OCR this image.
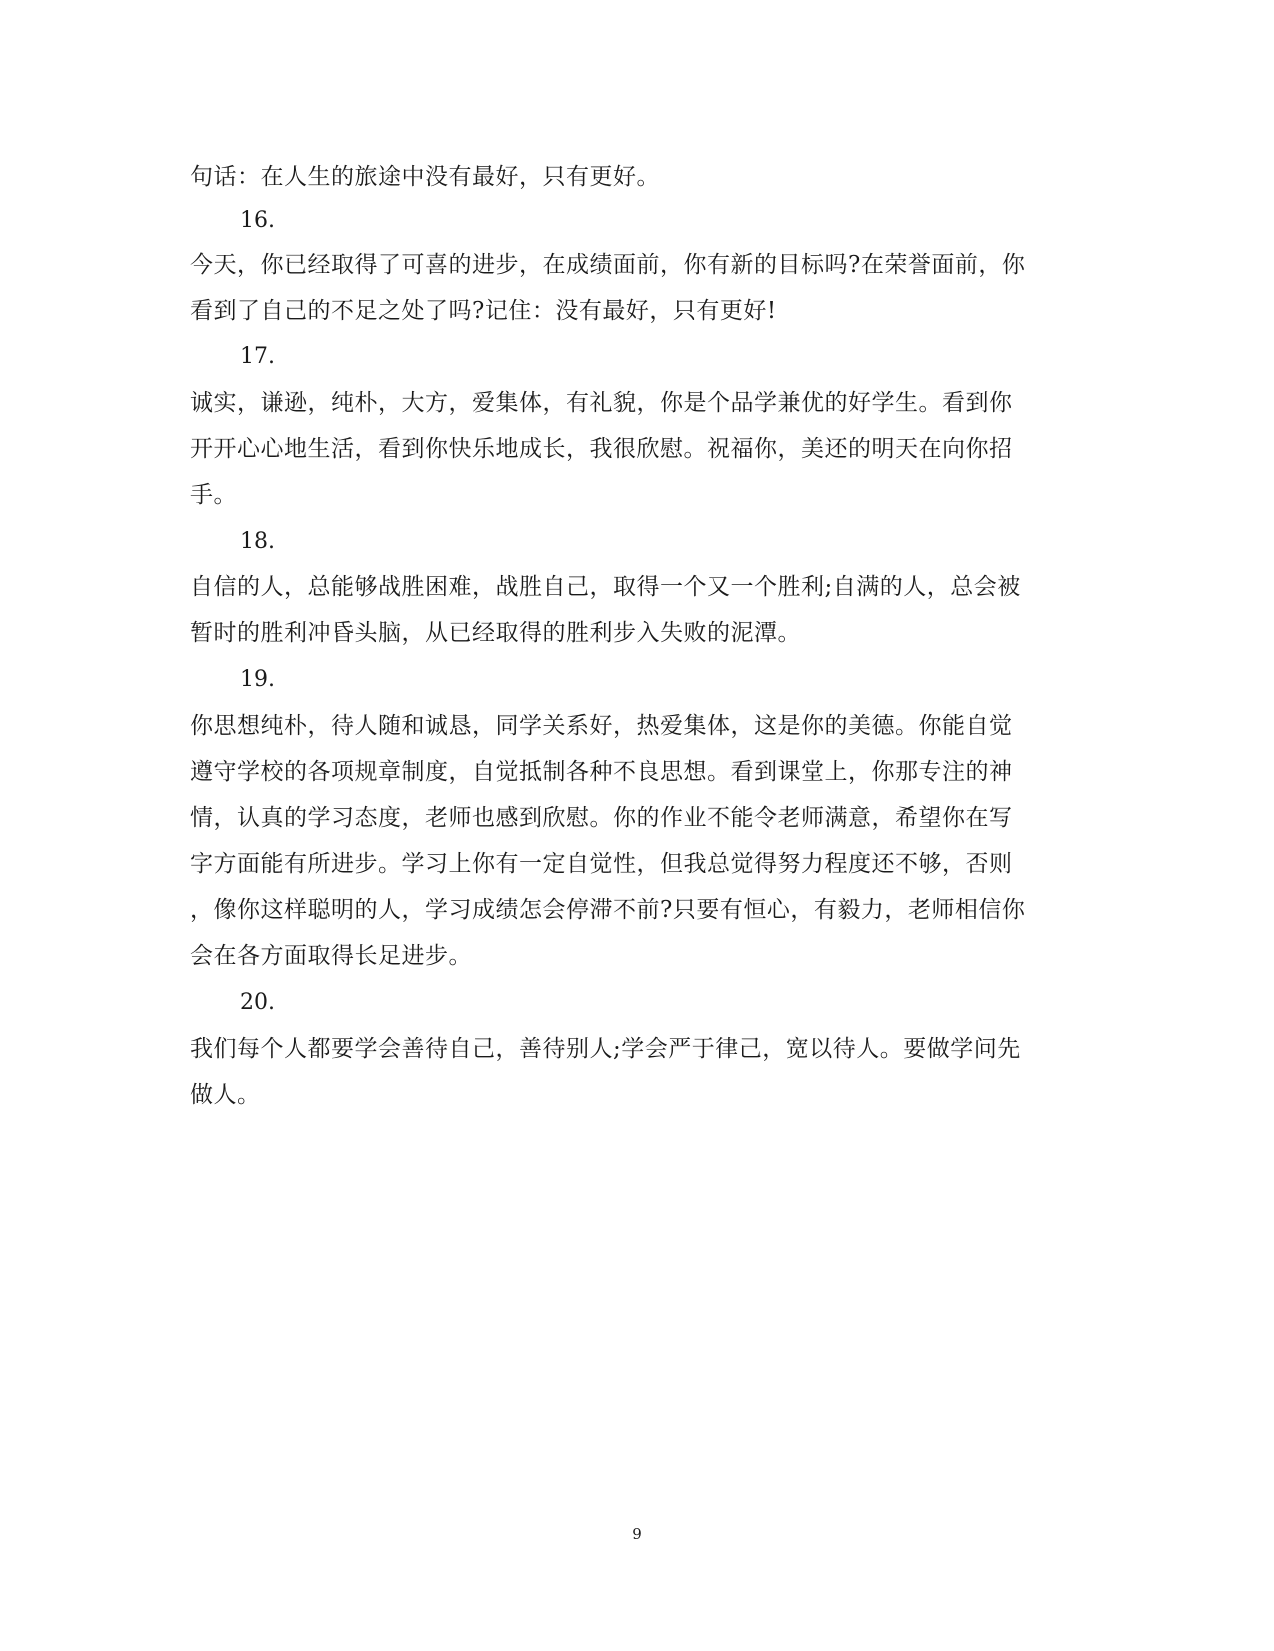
句话：在人生的旅途中没有最好，只有更好。
16.
今天，你已经取得了可喜的进步，在成绩面前，你有新的目标吗?在荣誉面前，你
看到了自己的不足之处了吗?记住：没有最好，只有更好!
17.
诚实，谦逊，纯朴，大方，爱集体，有礼貌，你是个品学兼优的好学生。看到你
开开心心地生活，看到你快乐地成长，我很欣慰。祝福你，美还的明天在向你招
手。
18.
自信的人，总能够战胜困难，战胜自己，取得一个又一个胜利;自满的人，总会被
暂时的胜利冲昏头脑，从已经取得的胜利步入失败的泥潭。
19.
你思想纯朴，待人随和诚恳，同学关系好，热爱集体，这是你的美德。你能自觉
遵守学校的各项规章制度，自觉抵制各种不良思想。看到课堂上，你那专注的神
情，认真的学习态度，老师也感到欣慰。你的作业不能令老师满意，希望你在写
字方面能有所进步。学习上你有一定自觉性，但我总觉得努力程度还不够，否则
，像你这样聪明的人，学习成绩怎会停滞不前?只要有恒心，有毅力，老师相信你
会在各方面取得长足进步。
20.
我们每个人都要学会善待自己，善待别人;学会严于律己，宽以待人。要做学问先
做人。
9
